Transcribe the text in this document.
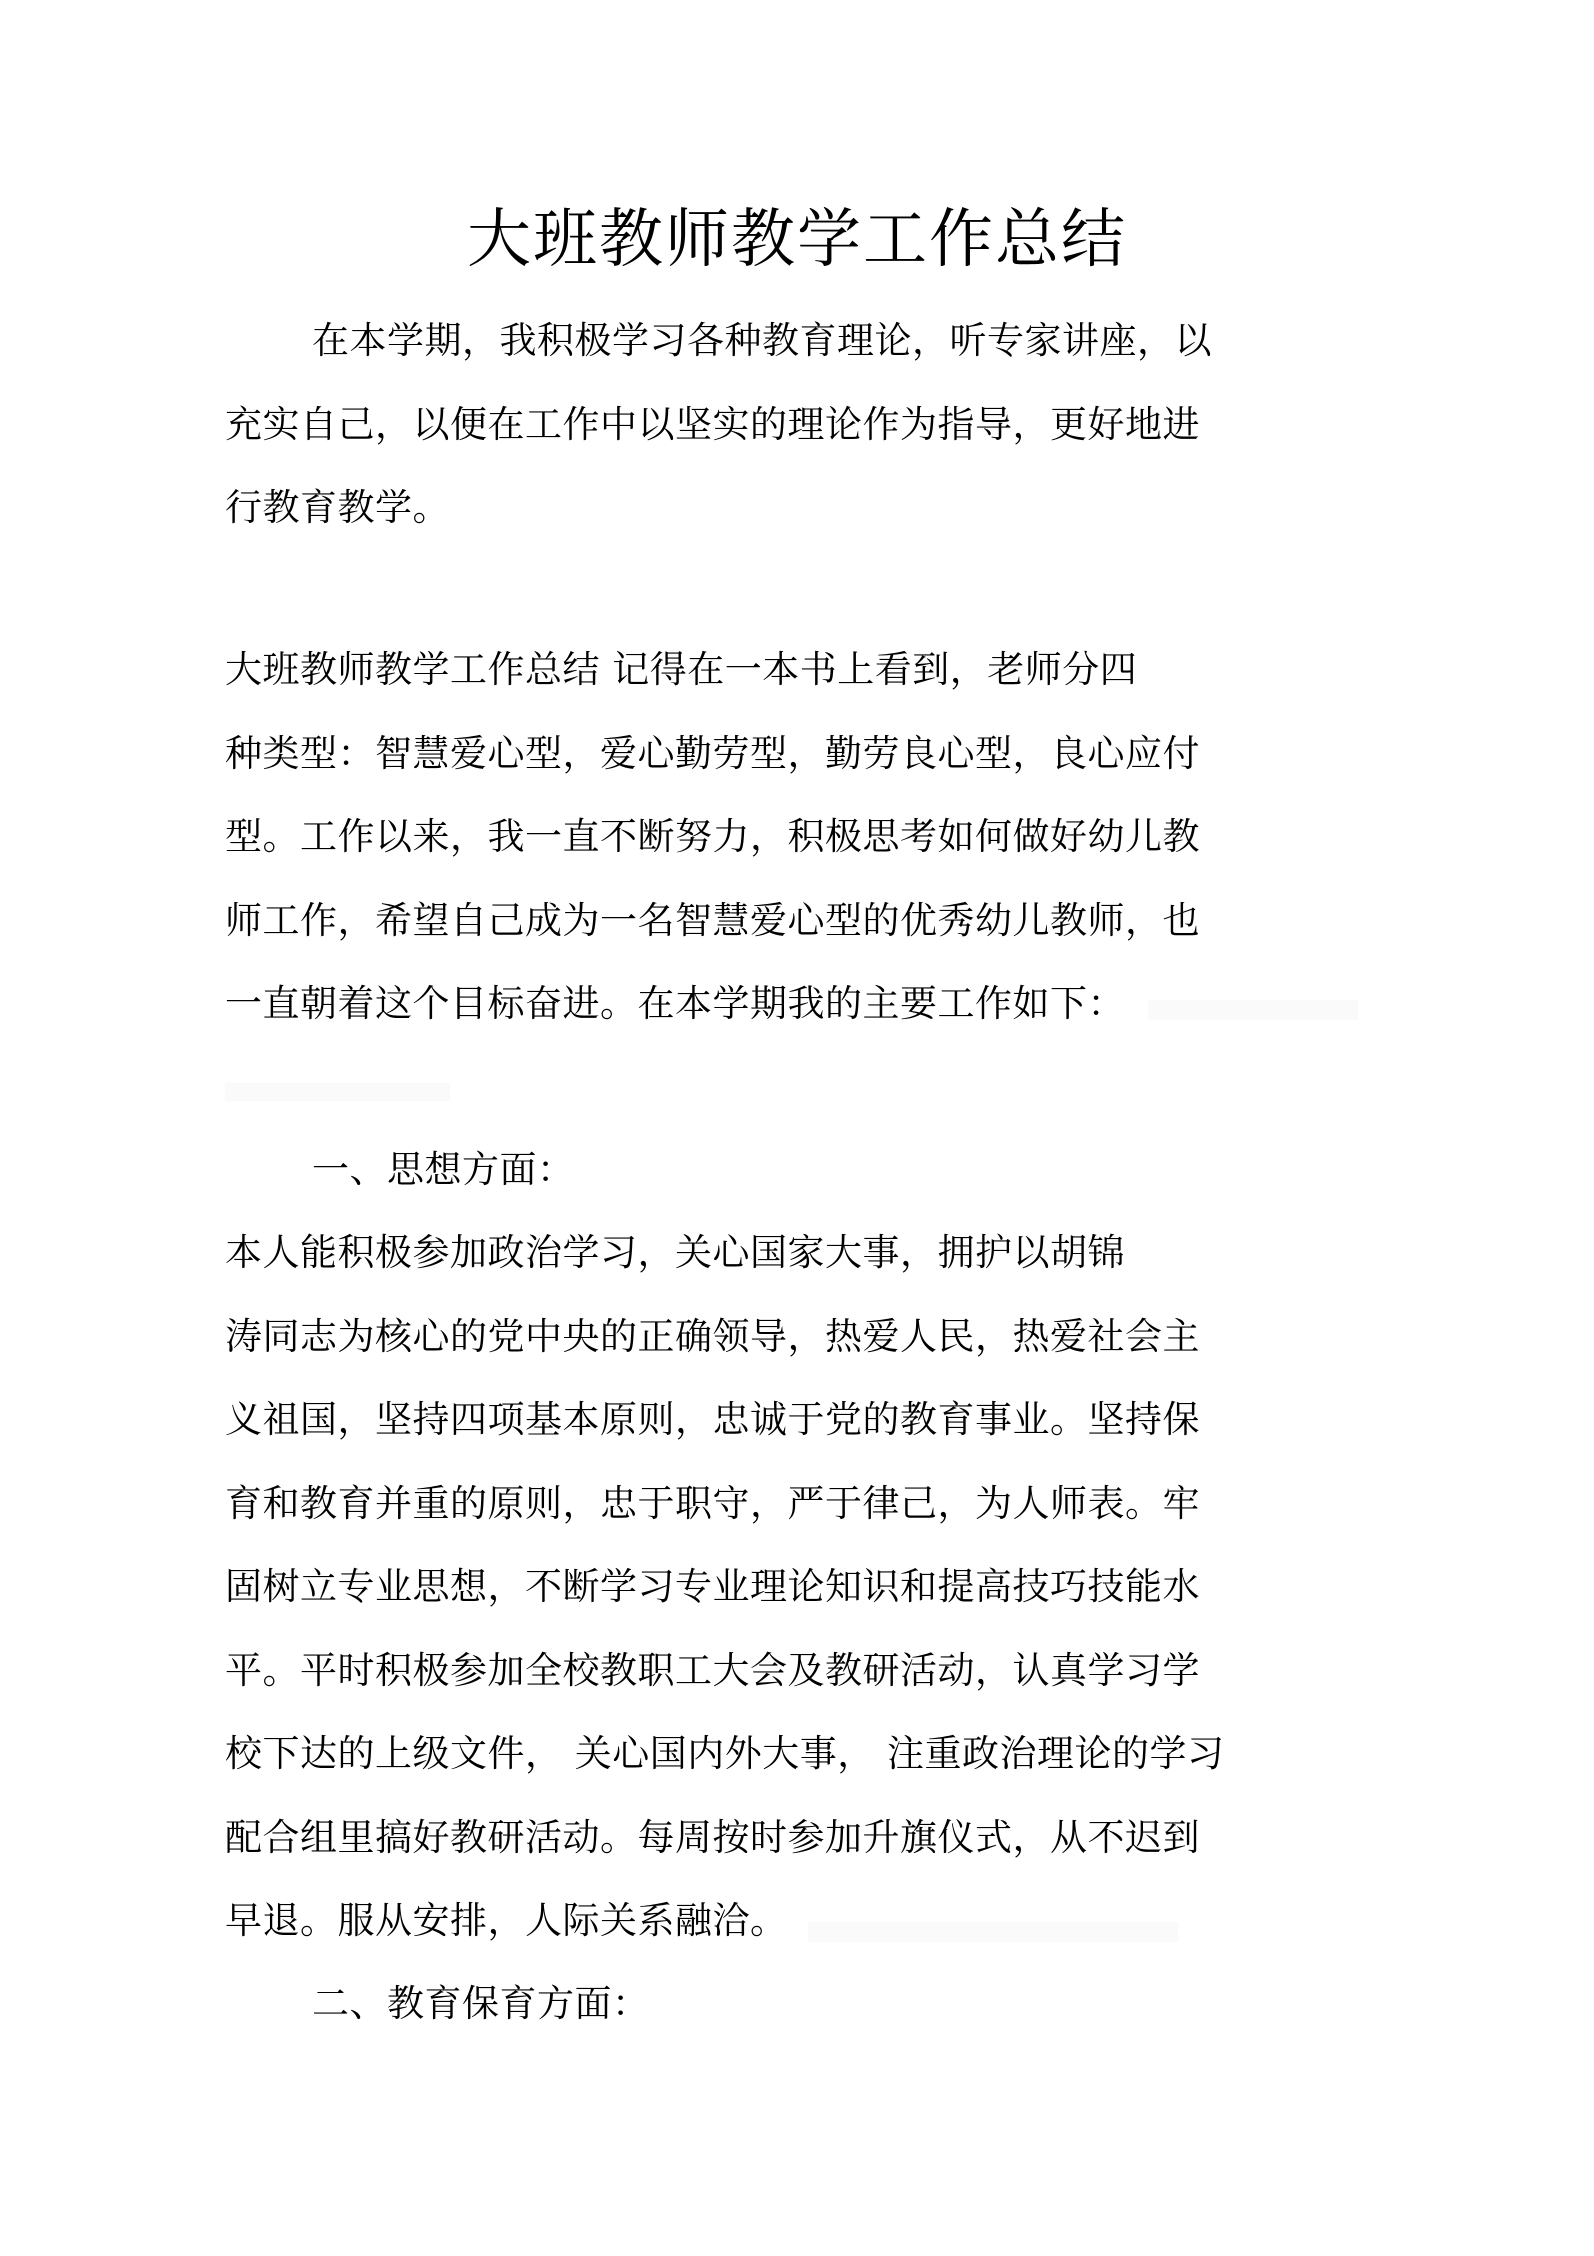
大班教师教学工作总结
在本学期，我积极学习各种教育理论，听专家讲座，以
充实自己，以便在工作中以坚实的理论作为指导，更好地进
行教育教学。
大班教师教学工作总结 记得在一本书上看到，老师分四
种类型：智慧爱心型，爱心勤劳型，勤劳良心型，良心应付
型。工作以来，我一直不断努力，积极思考如何做好幼儿教
师工作，希望自己成为一名智慧爱心型的优秀幼儿教师，也
一直朝着这个目标奋进。在本学期我的主要工作如下：
一、思想方面：
本人能积极参加政治学习，关心国家大事，拥护以胡锦
涛同志为核心的党中央的正确领导，热爱人民，热爱社会主
义祖国，坚持四项基本原则，忠诚于党的教育事业。坚持保
育和教育并重的原则，忠于职守，严于律己，为人师表。牢
固树立专业思想，不断学习专业理论知识和提高技巧技能水
平。平时积极参加全校教职工大会及教研活动，认真学习学
校下达的上级文件， 关心国内外大事， 注重政治理论的学习
配合组里搞好教研活动。每周按时参加升旗仪式，从不迟到
早退。服从安排，人际关系融洽。
二、教育保育方面：
